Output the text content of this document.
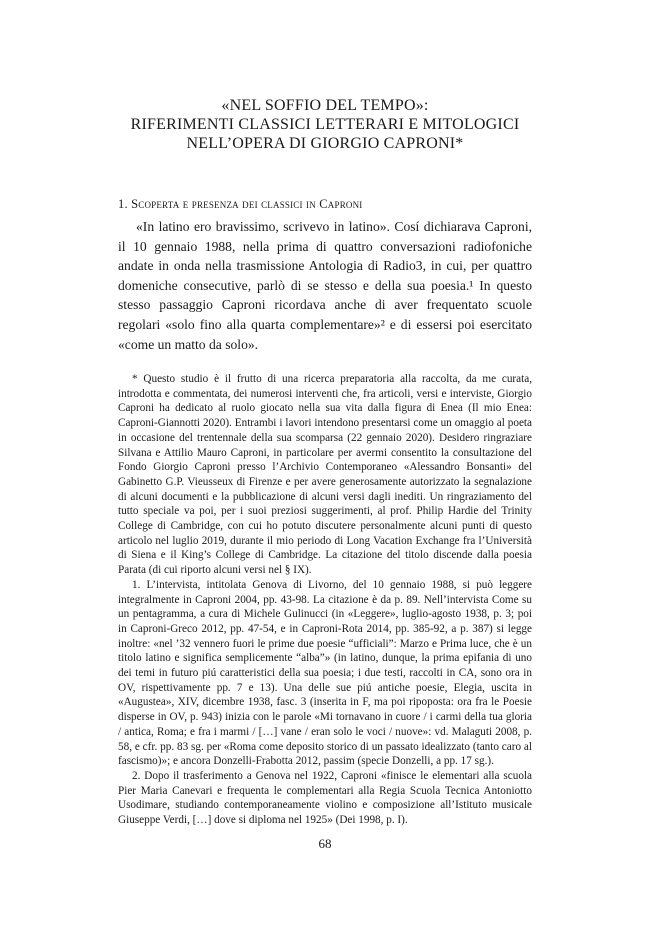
«NEL SOFFIO DEL TEMPO»:
RIFERIMENTI CLASSICI LETTERARI E MITOLOGICI
NELL’OPERA DI GIORGIO CAPRONI*
1. Scoperta e presenza dei classici in Caproni
«In latino ero bravissimo, scrivevo in latino». Cosí dichiarava Caproni, il 10 gennaio 1988, nella prima di quattro conversazioni radiofoniche andate in onda nella trasmissione Antologia di Radio3, in cui, per quattro domeniche consecutive, parlò di se stesso e della sua poesia.¹ In questo stesso passaggio Caproni ricordava anche di aver frequentato scuole regolari «solo fino alla quarta complementare»² e di essersi poi esercitato «come un matto da solo».

* Questo studio è il frutto di una ricerca preparatoria alla raccolta, da me curata, introdotta e commentata, dei numerosi interventi che, fra articoli, versi e interviste, Giorgio Caproni ha dedicato al ruolo giocato nella sua vita dalla figura di Enea (Il mio Enea: Caproni-Giannotti 2020). Entrambi i lavori intendono presentarsi come un omaggio al poeta in occasione del trentennale della sua scomparsa (22 gennaio 2020). Desidero ringraziare Silvana e Attilio Mauro Caproni, in particolare per avermi consentito la consultazione del Fondo Giorgio Caproni presso l’Archivio Contemporaneo «Alessandro Bonsanti» del Gabinetto G.P. Vieusseux di Firenze e per avere generosamente autorizzato la segnalazione di alcuni documenti e la pubblicazione di alcuni versi dagli inediti. Un ringraziamento del tutto speciale va poi, per i suoi preziosi suggerimenti, al prof. Philip Hardie del Trinity College di Cambridge, con cui ho potuto discutere personalmente alcuni punti di questo articolo nel luglio 2019, durante il mio periodo di Long Vacation Exchange fra l’Università di Siena e il King’s College di Cambridge. La citazione del titolo discende dalla poesia Parata (di cui riporto alcuni versi nel § IX).

1. L’intervista, intitolata Genova di Livorno, del 10 gennaio 1988, si può leggere integralmente in Caproni 2004, pp. 43-98. La citazione è da p. 89. Nell’intervista Come su un pentagramma, a cura di Michele Gulinucci (in «Leggere», luglio-agosto 1938, p. 3; poi in Caproni-Greco 2012, pp. 47-54, e in Caproni-Rota 2014, pp. 385-92, a p. 387) si legge inoltre: «nel ’32 vennero fuori le prime due poesie “ufficiali”: Marzo e Prima luce, che è un titolo latino e significa semplicemente “alba”» (in latino, dunque, la prima epifania di uno dei temi in futuro piú caratteristici della sua poesia; i due testi, raccolti in CA, sono ora in OV, rispettivamente pp. 7 e 13). Una delle sue piú antiche poesie, Elegia, uscita in «Augustea», XIV, dicembre 1938, fasc. 3 (inserita in F, ma poi ripoposta: ora fra le Poesie disperse in OV, p. 943) inizia con le parole «Mi tornavano in cuore / i carmi della tua gloria / antica, Roma; e fra i marmi / […] vane / eran solo le voci / nuove»: vd. Malaguti 2008, p. 58, e cfr. pp. 83 sg. per «Roma come deposito storico di un passato idealizzato (tanto caro al fascismo)»; e ancora Donzelli-Frabotta 2012, passim (specie Donzelli, a pp. 17 sg.).

2. Dopo il trasferimento a Genova nel 1922, Caproni «finisce le elementari alla scuola Pier Maria Canevari e frequenta le complementari alla Regia Scuola Tecnica Antoniotto Usodimare, studiando contemporaneamente violino e composizione all’Istituto musicale Giuseppe Verdi, […] dove si diploma nel 1925» (Dei 1998, p. I).

68
